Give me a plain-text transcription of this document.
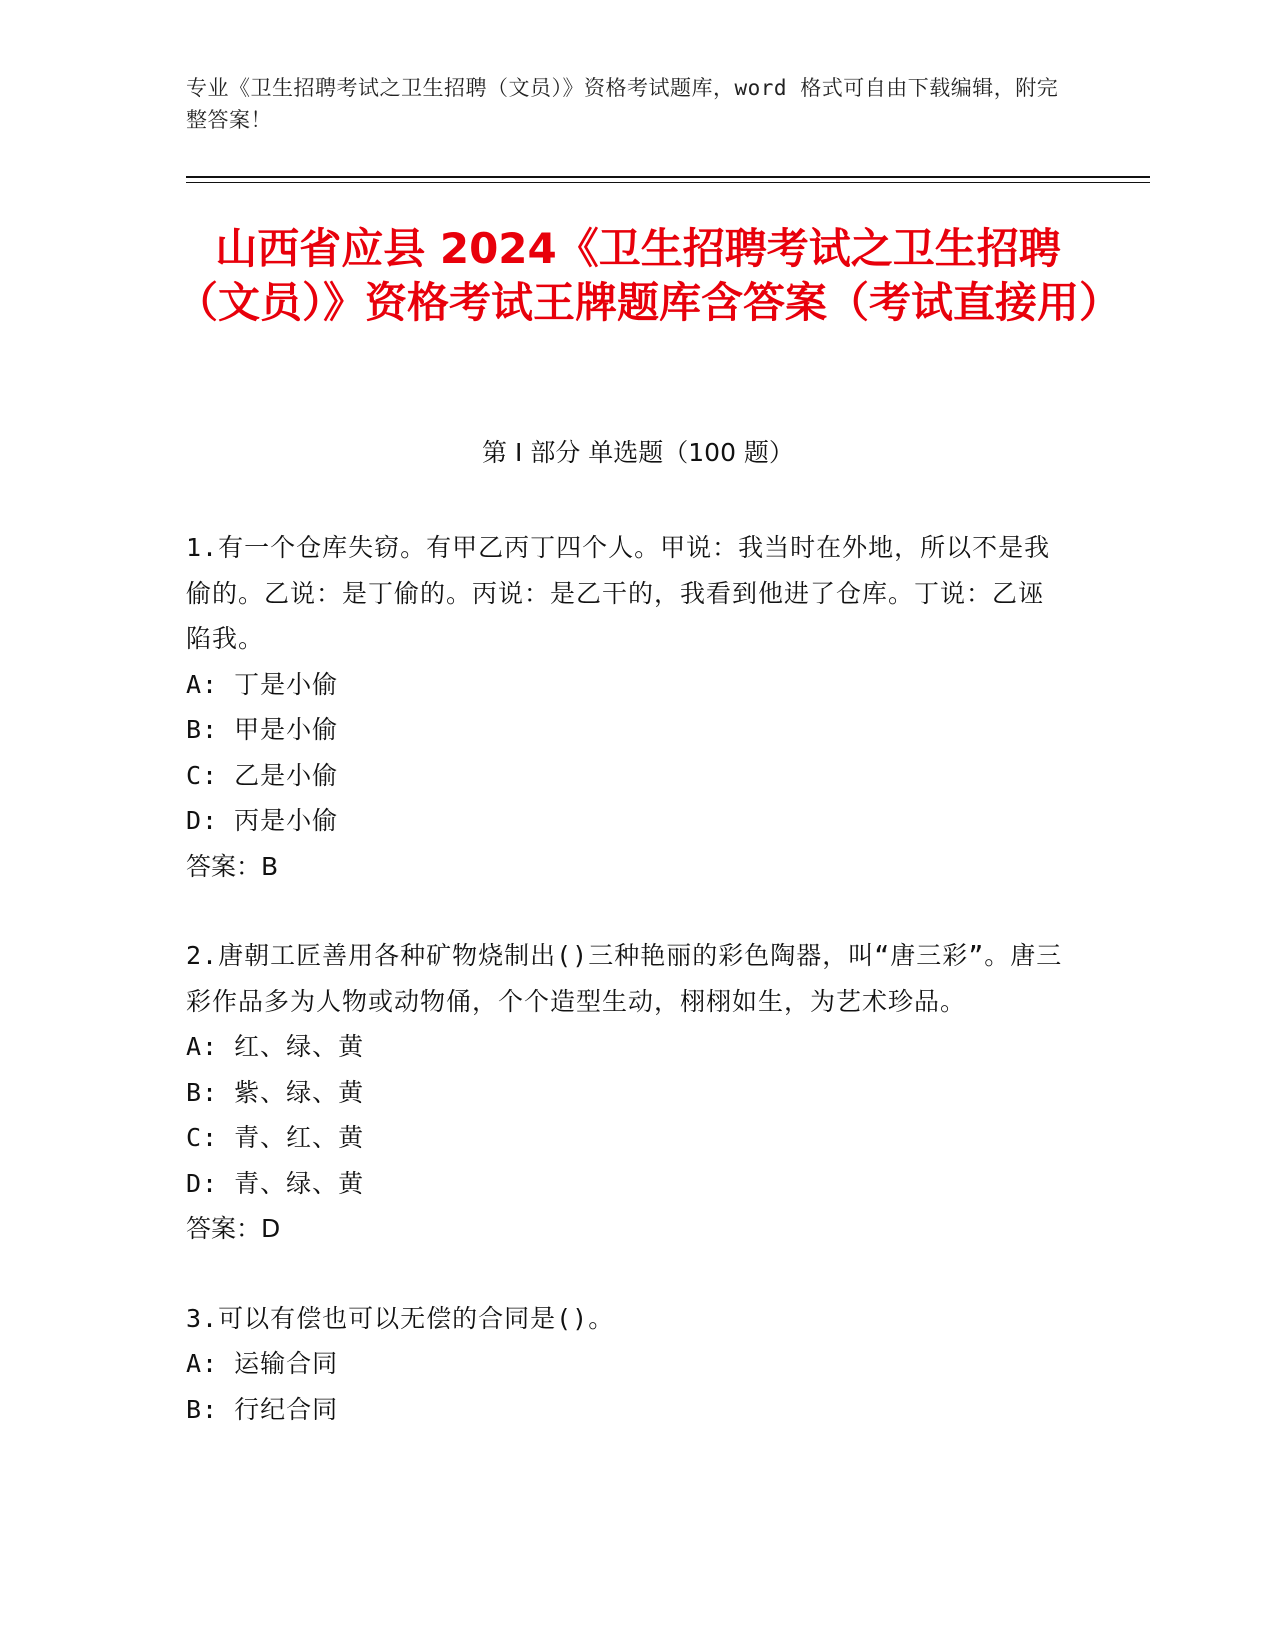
专业《卫生招聘考试之卫生招聘（文员）》资格考试题库，word 格式可自由下载编辑，附完整答案！
山西省应县 2024《卫生招聘考试之卫生招聘（文员）》资格考试王牌题库含答案（考试直接用）
第 I 部分 单选题（100 题）

1.有一个仓库失窃。有甲乙丙丁四个人。甲说：我当时在外地，所以不是我偷的。乙说：是丁偷的。丙说：是乙干的，我看到他进了仓库。丁说：乙诬陷我。

A: 丁是小偷

B: 甲是小偷

C: 乙是小偷

D: 丙是小偷

答案：B

2.唐朝工匠善用各种矿物烧制出()三种艳丽的彩色陶器，叫“唐三彩”。唐三彩作品多为人物或动物俑，个个造型生动，栩栩如生，为艺术珍品。

A: 红、绿、黄

B: 紫、绿、黄

C: 青、红、黄

D: 青、绿、黄

答案：D

3.可以有偿也可以无偿的合同是()。

A: 运输合同

B: 行纪合同
